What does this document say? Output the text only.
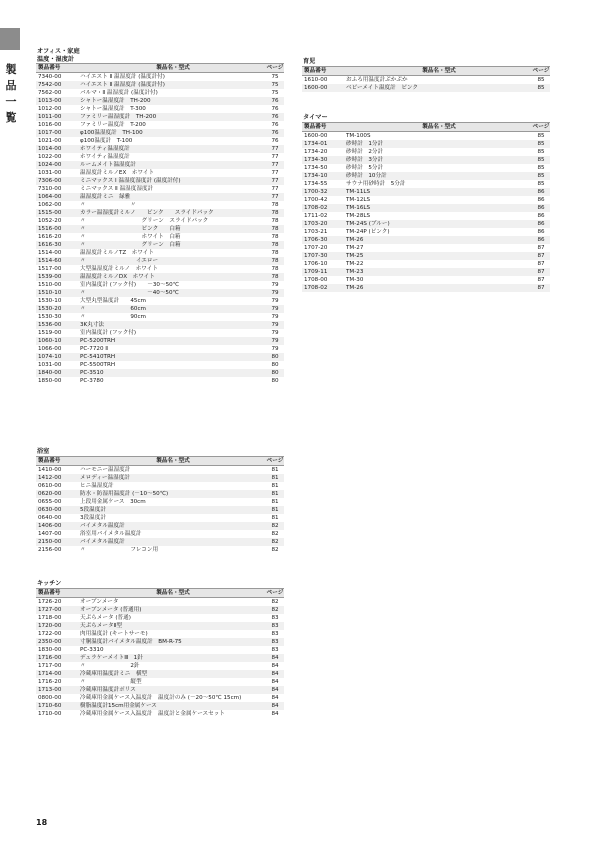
製
品
一
覧
オフィス・家庭
温度・湿度計
製品番号	製品名・型式	ページ
7340-00	ハイエスト Ⅱ 温湿度計 (温度計付)	75
7542-00	ハイエスト Ⅱ 温湿度計 (温度計付)	75
7562-00	バルマ・Ⅱ 温湿度計 (温度計付)	75
1013-00	シャトー温湿度計　TH-200	76
1012-00	シャトー温湿度計　T-300	76
1011-00	ファミリー温湿度計　TH-200	76
1016-00	ファミリー温度計　T-200	76
1017-00	φ100温湿度計　TH-100	76
1021-00	φ100温度計　T-100	76
1014-00	ホワイティ温湿度計	77
1022-00	ホワイティ温湿度計	77
1024-00	ルームメイト温湿度計	77
1031-00	温湿度計ミルノEX　ホワイト	77
7306-00	ミニマックス Ⅰ 温湿度湿度計 (温度計付)	77
7310-00	ミニマックス Ⅱ 温湿度湿度計	77
1064-00	温湿度計ミニ　緑雅	77
1062-00	〃　　　　　　　　〃	78
1515-00	カラー温湿度計ミルノ　　ピンク　　スライドパック	78
1052-20	〃　　　　　　　　　　グリーン　スライドパック	78
1516-00	〃　　　　　　　　　　ピンク　　白箱	78
1616-20	〃　　　　　　　　　　ホワイト　白箱	78
1616-30	〃　　　　　　　　　　グリーン　白箱	78
1514-00	温湿度計ミルノTZ　ホワイト	78
1514-60	〃　　　　　　　　　イエロー	78
1517-00	大型温湿度計ミルノ　ホワイト	78
1539-00	温湿度計ミルノDX　ホワイト	78
1510-00	室内温度計 (フック付)　　－30〜50℃	79
1510-10	〃　　　　　　　　　　　－40〜50℃	79
1530-10	大型丸型温度計　　45cm	79
1530-20	〃　　　　　　　　60cm	79
1530-30	〃　　　　　　　　90cm	79
1536-00	3K丸寸法	79
1519-00	室内温度計 (フック付)	79
1060-10	PC-5200TRH	79
1066-00	PC-7720 Ⅱ	79
1074-10	PC-5410TRH	80
1031-00	PC-5500TRH	80
1840-00	PC-3510	80
1850-00	PC-3780	80
浴室
製品番号	製品名・型式	ページ
1410-00	ハーモニー温湿度計	81
1412-00	メロディー温湿度計	81
0610-00	ヒニ温湿度計	81
0620-00	防水・防湿用温度計 (－10〜50℃)	81
0655-00	上段用金属ケース　30cm	81
0630-00	5段温度計	81
0640-00	3段温度計	81
1406-00	バイメタル温度計	82
1407-00	浴室用バイメタル温度計	82
2150-00	バイメタル温度計	82
2156-00	〃　　　　　　　　フレコン用	82
キッチン
製品番号	製品名・型式	ページ
1726-20	オーブンメータ	82
1727-00	オーブンメータ (普通用)	82
1718-00	天ぷらメータ (普通)	83
1720-00	天ぷらメータⅡ型	83
1722-00	肉用温度計 (キートサーモ)	83
2350-00	寸胴温度計バイメタル温度計　BM-R-75	83
1830-00	PC-3310	83
1716-00	デュラケーメイトⅢ　1針	84
1717-00	〃　　　　　　　　2針	84
1714-00	冷蔵庫用温度計ミニ　横型	84
1716-20	〃　　　　　　　　縦型	84
1713-00	冷蔵庫用温度計ポリス	84
0800-00	冷蔵庫用金属ケース入温度計　温度計のみ (－20〜50℃ 15cm)	84
1710-60	樹脂温度計15cm用金属ケース	84
1710-00	冷蔵庫用金属ケース入温度計　温度計と金属ケースセット	84
育児
製品番号	製品名・型式	ページ
1610-00	おふろ用温度計ぷかぷか	85
1600-00	ベビーメイト温度計　ピンク	85
タイマー
製品番号	製品名・型式	ページ
1600-00	TM-100S	85
1734-01	砂時計　1分計	85
1734-20	砂時計　2分計	85
1734-30	砂時計　3分計	85
1734-50	砂時計　5分計	85
1734-10	砂時計　10分計	85
1734-55	サウナ用砂時計　5分計	85
1700-32	TM-11LS	86
1700-42	TM-12LS	86
1708-02	TM-16LS	86
1711-02	TM-28LS	86
1703-20	TM-24S (ブルー)	86
1703-21	TM-24P (ピンク)	86
1706-30	TM-26	86
1707-20	TM-27	87
1707-30	TM-25	87
1706-10	TM-22	87
1709-11	TM-23	87
1708-00	TM-30	87
1708-02	TM-26	87
18
